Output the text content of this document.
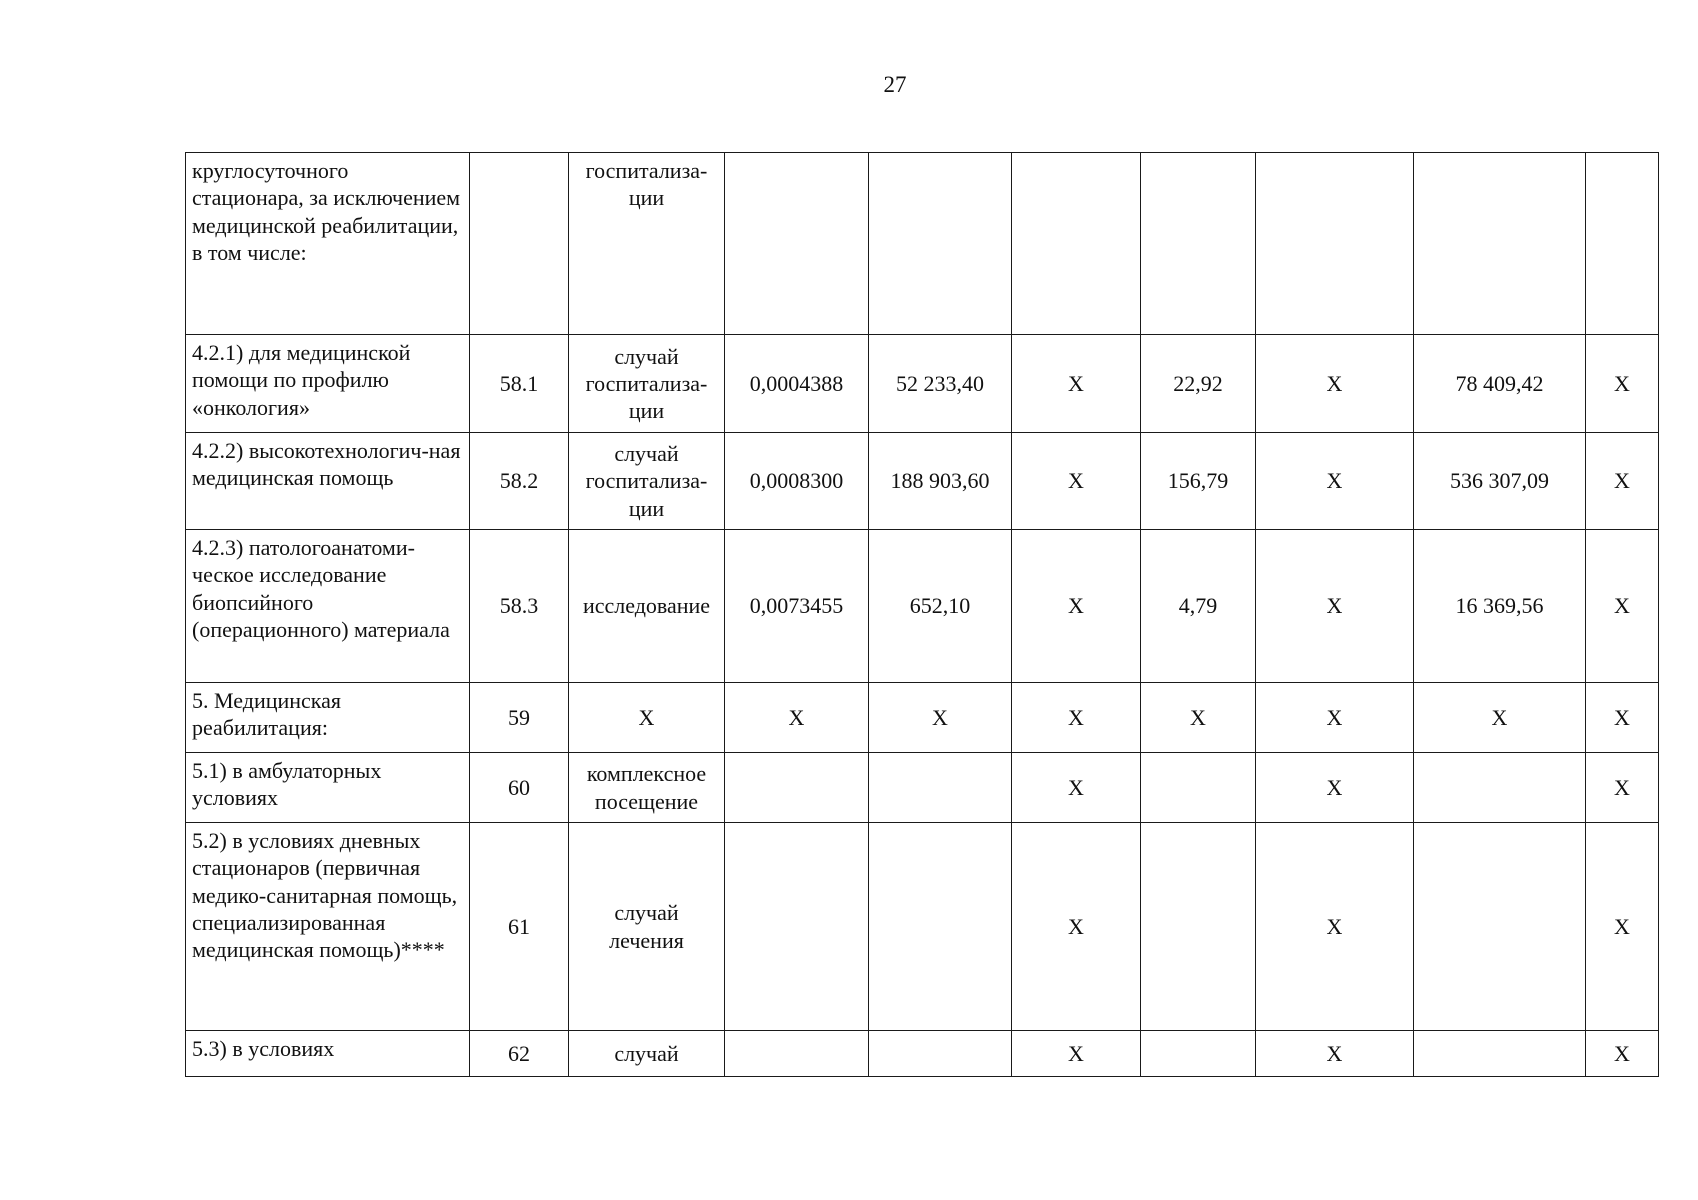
27
круглосуточного стационара, за исключением медицинской реабилитации, в том числе:		госпитализа-ции							
4.2.1) для медицинской помощи по профилю «онкология»	58.1	случай госпитализа-ции	0,0004388	52 233,40	Х	22,92	Х	78 409,42	Х
4.2.2) высокотехнологич-ная медицинская помощь	58.2	случай госпитализа-ции	0,0008300	188 903,60	Х	156,79	Х	536 307,09	Х
4.2.3) патологоанатоми-ческое исследование биопсийного (операционного) материала	58.3	исследование	0,0073455	652,10	Х	4,79	Х	16 369,56	Х
5. Медицинская реабилитация:	59	Х	Х	Х	Х	Х	Х	Х	Х
5.1) в амбулаторных условиях	60	комплексное посещение			Х		Х		Х
5.2) в условиях дневных стационаров (первичная медико-санитарная помощь, специализированная медицинская помощь)****	61	случай лечения			Х		Х		Х
5.3) в условиях	62	случай			Х		Х		Х
